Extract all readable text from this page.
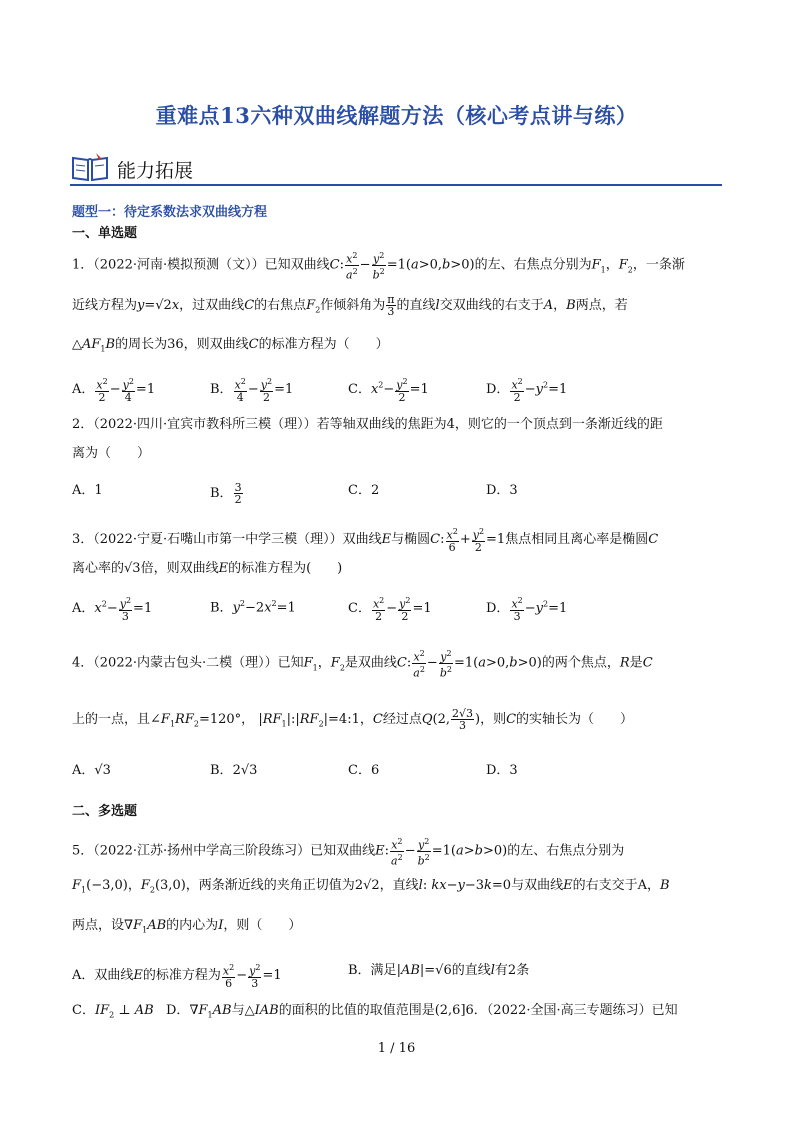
重难点13六种双曲线解题方法（核心考点讲与练）
能力拓展
题型一：待定系数法求双曲线方程
一、单选题
1．（2022·河南·模拟预测（文））已知双曲线C: $\frac{x^2}{a^2} - \frac{y^2}{b^2} =1(a>0,b>0)$的左、右焦点分别为$F_1$，$F_2$，一条渐
近线方程为y=√2x，过双曲线C的右焦点$F_2$作倾斜角为 $\frac{\pi}{3}$ 的直线l交双曲线的右支于A，B两点，若
$\triangle AF_1B$的周长为36，则双曲线C的标准方程为（　　）
A． $\frac{x^2}{2} - \frac{y^2}{4} =1$	B． $\frac{x^2}{4} - \frac{y^2}{2} =1$	C．$x^2- \frac{y^2}{2} =1$	D． $\frac{x^2}{2} -y^2=1$
2．（2022·四川·宜宾市教科所三模（理））若等轴双曲线的焦距为4，则它的一个顶点到一条渐近线的距
离为（　　）
A．1	B． $\frac{3}{2}$	C．2	D．3
3．（2022·宁夏·石嘴山市第一中学三模（理））双曲线E与椭圆C: $\frac{x^2}{6} + \frac{y^2}{2} =1$焦点相同且离心率是椭圆C
离心率的√3倍，则双曲线E的标准方程为(　　)
A．$x^2- \frac{y^2}{3} =1$	B．$y^2-2x^2=1$	C． $\frac{x^2}{2} - \frac{y^2}{2} =1$	D． $\frac{x^2}{3} -y^2=1$
4．（2022·内蒙古包头·二模（理））已知$F_1$，$F_2$是双曲线C: $\frac{x^2}{a^2} - \frac{y^2}{b^2} =1(a>0,b>0)$的两个焦点，R是C
上的一点，且$\angle F_1RF_2=120^\circ$， $|RF_1|:|RF_2|=4:1$，C经过点Q(2, $\frac{2√3}{3}$ )，则C的实轴长为（　　）
A．√3	B．2√3	C．6	D．3
二、多选题
5．（2022·江苏·扬州中学高三阶段练习）已知双曲线E: $\frac{x^2}{a^2} - \frac{y^2}{b^2} =1(a>b>0)$的左、右焦点分别为
$F_1(-3,0)$，$F_2(3,0)$，两条渐近线的夹角正切值为2√2，直线l: kx−y−3k=0与双曲线E的右支交于A，B
两点，设$\nabla F_1AB$的内心为I，则（　　）
A．双曲线E的标准方程为 $\frac{x^2}{6} - \frac{y^2}{3} =1$	B．满足|AB|=√6的直线l有2条
C．$IF_2$ ⊥ AB D．$\nabla F_1AB$与△IAB的面积的比值的取值范围是(2,6]6．（2022·全国·高三专题练习）已知
1 / 16
